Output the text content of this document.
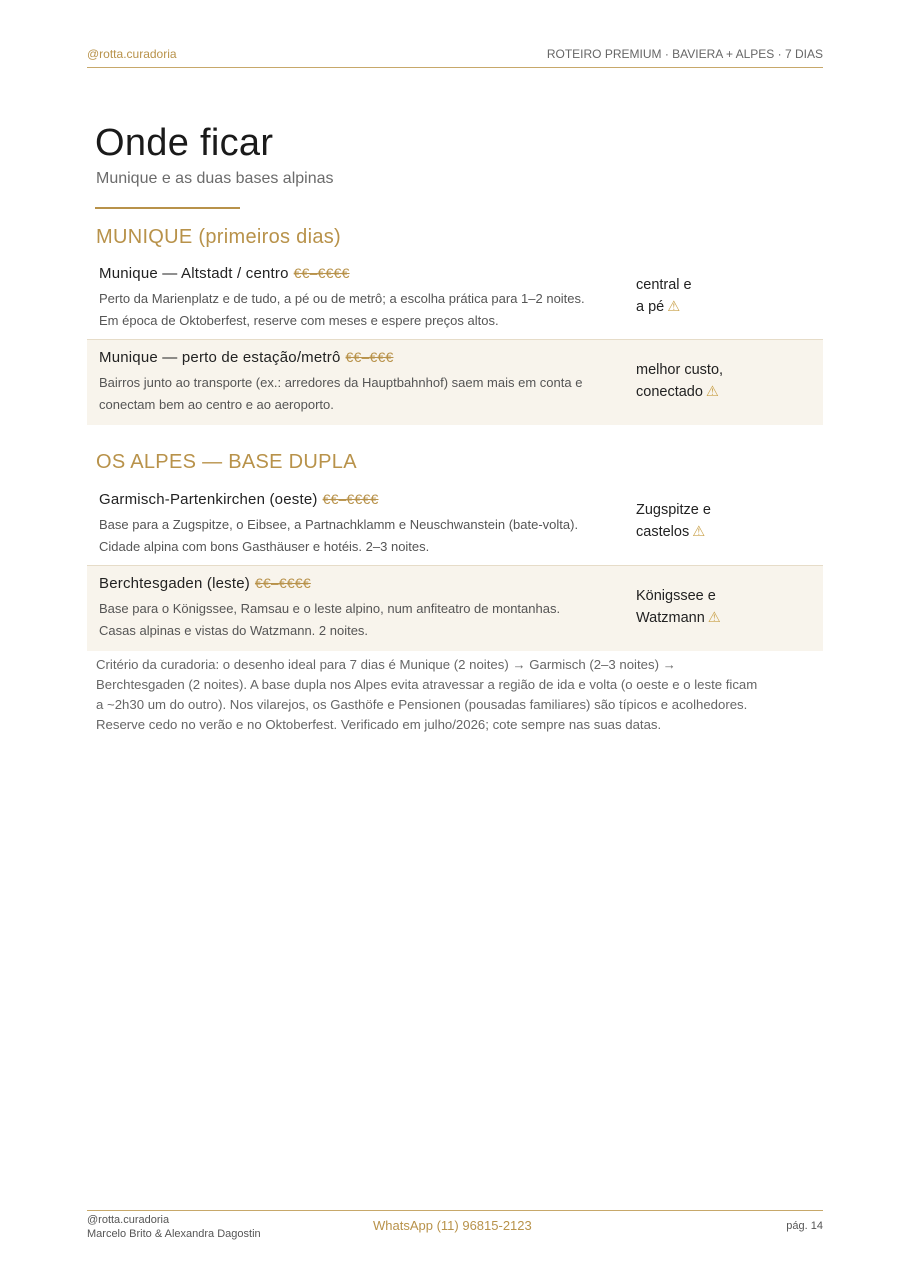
@rotta.curadoria	ROTEIRO PREMIUM · BAVIERA + ALPES · 7 DIAS
Onde ficar
Munique e as duas bases alpinas
MUNIQUE (primeiros dias)
Munique — Altstadt / centro €€–€€€€
Perto da Marienplatz e de tudo, a pé ou de metrô; a escolha prática para 1–2 noites.
Em época de Oktoberfest, reserve com meses e espere preços altos.
central e
a pé ⚠
Munique — perto de estação/metrô €€–€€€
Bairros junto ao transporte (ex.: arredores da Hauptbahnhof) saem mais em conta e
conectam bem ao centro e ao aeroporto.
melhor custo,
conectado ⚠
OS ALPES — BASE DUPLA
Garmisch-Partenkirchen (oeste) €€–€€€€
Base para a Zugspitze, o Eibsee, a Partnachklamm e Neuschwanstein (bate-volta).
Cidade alpina com bons Gasthäuser e hotéis. 2–3 noites.
Zugspitze e
castelos ⚠
Berchtesgaden (leste) €€–€€€€
Base para o Königssee, Ramsau e o leste alpino, num anfiteatro de montanhas.
Casas alpinas e vistas do Watzmann. 2 noites.
Königssee e
Watzmann ⚠
Critério da curadoria: o desenho ideal para 7 dias é Munique (2 noites) → Garmisch (2–3 noites) →
Berchtesgaden (2 noites). A base dupla nos Alpes evita atravessar a região de ida e volta (o oeste e o leste ficam
a ~2h30 um do outro). Nos vilarejos, os Gasthöfe e Pensionen (pousadas familiares) são típicos e acolhedores.
Reserve cedo no verão e no Oktoberfest. Verificado em julho/2026; cote sempre nas suas datas.
@rotta.curadoria
Marcelo Brito & Alexandra Dagostin
WhatsApp (11) 96815-2123	pág. 14
